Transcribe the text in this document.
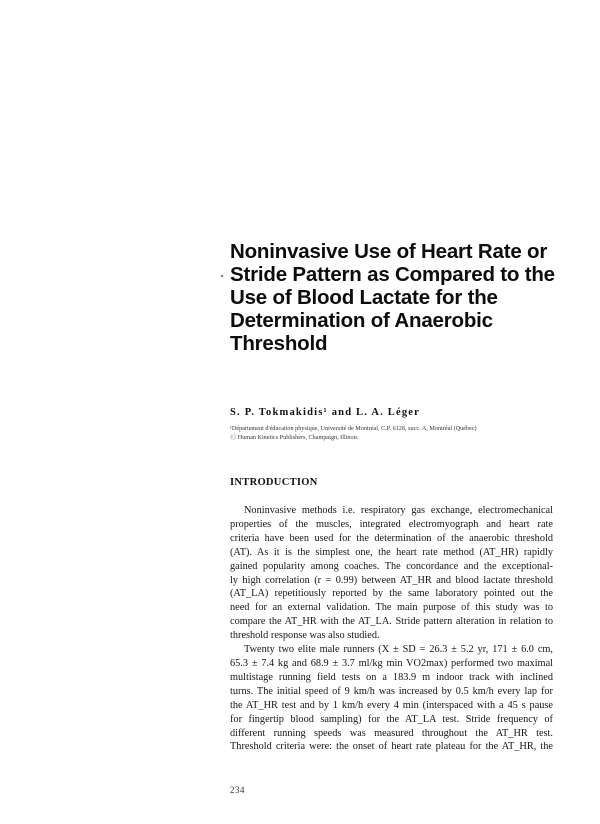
Noninvasive Use of Heart Rate or
Stride Pattern as Compared to the
Use of Blood Lactate for the
Determination of Anaerobic
Threshold
S. P. Tokmakidis¹ and L. A. Léger
¹Département d'éducation physique, Université de Montréal, C.P. 6128, succ. A, Montréal (Québec)
Ⓒ Human Kinetics Publishers, Champaign, Illinois
INTRODUCTION
Noninvasive methods i.e. respiratory gas exchange, electromechanical
properties of the muscles, integrated electromyograph and heart rate
criteria have been used for the determination of the anaerobic threshold
(AT). As it is the simplest one, the heart rate method (AT_HR) rapidly
gained popularity among coaches. The concordance and the exceptional-
ly high correlation (r = 0.99) between AT_HR and blood lactate threshold
(AT_LA) repetitiously reported by the same laboratory pointed out the
need for an external validation. The main purpose of this study was to
compare the AT_HR with the AT_LA. Stride pattern alteration in relation to
threshold response was also studied.
Twenty two elite male runners (X ± SD = 26.3 ± 5.2 yr, 171 ± 6.0 cm,
65.3 ± 7.4 kg and 68.9 ± 3.7 ml/kg min VO2max) performed two maximal
multistage running field tests on a 183.9 m indoor track with inclined
turns. The initial speed of 9 km/h was increased by 0.5 km/h every lap for
the AT_HR test and by 1 km/h every 4 min (interspaced with a 45 s pause
for fingertip blood sampling) for the AT_LA test. Stride frequency of
different running speeds was measured throughout the AT_HR test.
Threshold criteria were: the onset of heart rate plateau for the AT_HR, the
234
